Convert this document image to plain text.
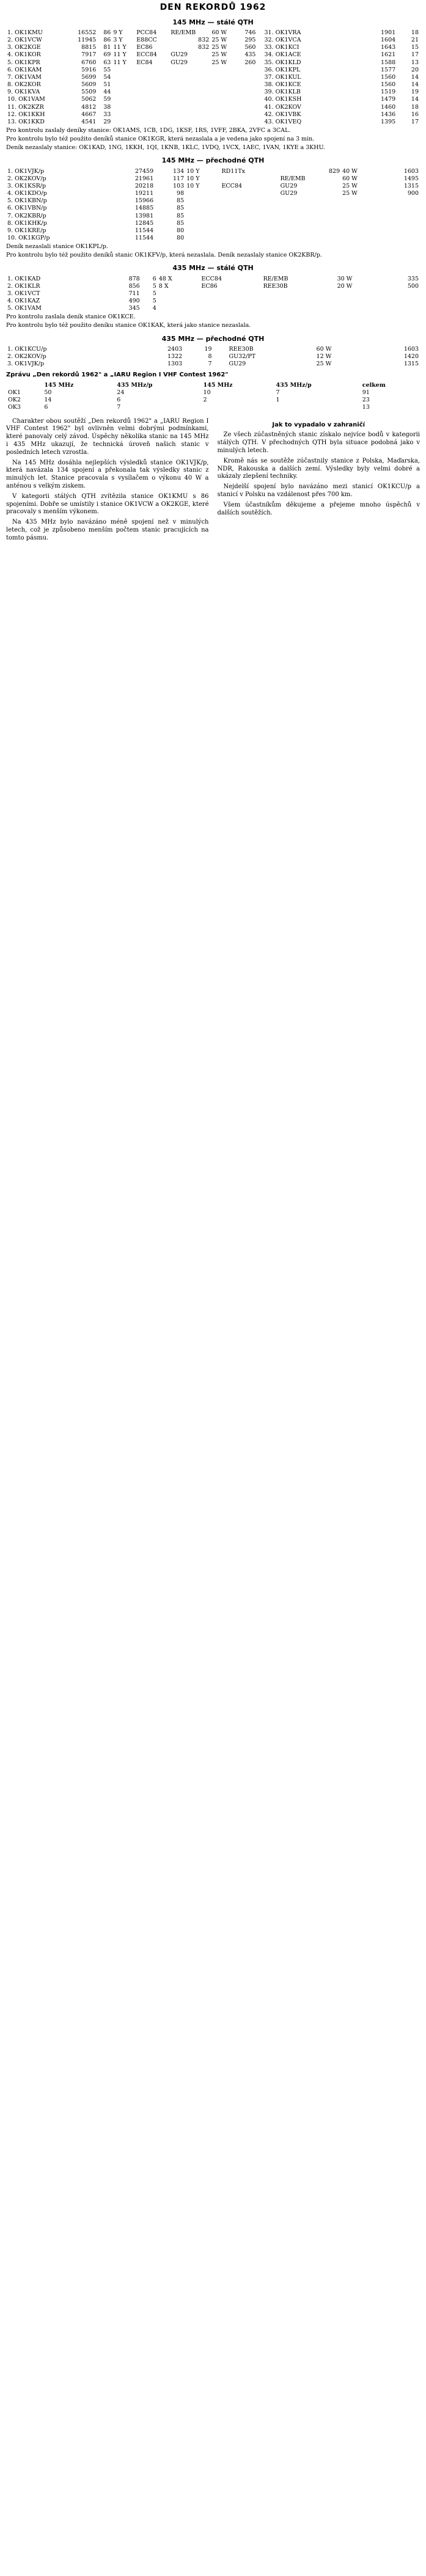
DEN REKORDŮ 1962
145 MHz — stálé QTH
1. OK1KMU	16552	86	9 Y	PCC84	RE/EMB	60 W	746
2. OK1VCW	11945	86	3 Y	E88CC	832	25 W	295
3. OK2KGE	8815	81	11 Y	EC86	832	25 W	560
4. OK1KOR	7917	69	11 Y	ECC84	GU29	25 W	435
5. OK1KPR	6760	63	11 Y	EC84	GU29	25 W	260
6. OK1KAM	5916	55					
7. OK1VAM	5699	54					
8. OK2KOR	5609	51					
9. OK1KVA	5509	44					
10. OK1VAM	5062	59					
11. OK2KZR	4812	38					
12. OK1KKH	4667	33					
13. OK1KKD	4541	29					
31. OK1VRA	1901	18
32. OK1VCA	1604	21
33. OK1KCI	1643	15
34. OK1ACE	1621	17
35. OK1KLD	1588	13
36. OK1KPL	1577	20
37. OK1KUL	1560	14
38. OK1KCE	1560	14
39. OK1KLB	1519	19
40. OK1KSH	1479	14
41. OK2KOV	1460	18
42. OK1VBK	1436	16
43. OK1VEQ	1395	17

Pro kontrolu zaslaly deníky stanice: OK1AMS, 1CB, 1DG, 1KSF, 1RS, 1VFF, 2BKA, 2VFC a 3CAL.

Pro kontrolu bylo též použito deníků stanice OK1KGR, která nezaslala a je vedena jako spojení na 3 min.

Deník nezaslaly stanice: OK1KAD, 1NG, 1KKH, 1QI, 1KNB, 1KLC, 1VDQ, 1VCX, 1AEC, 1VAN, 1KYE a 3KHU.

145 MHz — přechodné QTH
1. OK1VJK/p	27459	134	10 Y	RD11Tx	829	40 W	1603
2. OK2KOV/p	21961	117	10 Y		RE/EMB	60 W	1495
3. OK1KSR/p	20218	103	10 Y	ECC84	GU29	25 W	1315
4. OK1KDO/p	19211	98			GU29	25 W	900
5. OK1KBN/p	15966	85					
6. OK1VBN/p	14885	85					
7. OK2KBR/p	13981	85					
8. OK1KHK/p	12845	85					
9. OK1KRE/p	11544	80					
10. OK1KGP/p	11544	80					

Deník nezaslali stanice OK1KPL/p.

Pro kontrolu bylo též použito deníků stanic OK1KFV/p, která nezaslala. Deník nezaslaly stanice OK2KBR/p.

435 MHz — stálé QTH
1. OK1KAD	878	6	48 X	ECC84	RE/EMB	30 W	335
2. OK1KLR	856	5	8 X	EC86	REE30B	20 W	500
3. OK1VCT	711	5					
4. OK1KAZ	490	5					
5. OK1VAM	345	4					

Pro kontrolu zaslala deník stanice OK1KCE.

Pro kontrolu bylo též použito deníku stanice OK1KAK, která jako stanice nezaslala.

435 MHz — přechodné QTH
1. OK1KCU/p	2403	19			REE30B	60 W	1603
2. OK2KOV/p	1322	8			GU32/PT	12 W	1420
3. OK1VJK/p	1303	7			GU29	25 W	1315
Zprávu „Den rekordů 1962" a „IARU Region I VHF Contest 1962"
	145 MHz	435 MHz/p	145 MHz	435 MHz/p	celkem
OK1	50	24	10	7	91
OK2	14	6	2	1	23
OK3	6	7			13

Charakter obou soutěží „Den rekordů 1962" a „IARU Region I VHF Contest 1962" byl ovlivněn velmi dobrými podmínkami, které panovaly celý závod. Úspěchy několika stanic na 145 MHz i 435 MHz ukazují, že technická úroveň našich stanic v posledních letech vzrostla.

Na 145 MHz dosáhla nejlepších výsledků stanice OK1VJK/p, která navázala 134 spojení a překonala tak výsledky stanic z minulých let. Stanice pracovala s vysílačem o výkonu 40 W a anténou s velkým ziskem.

V kategorii stálých QTH zvítězila stanice OK1KMU s 86 spojeními. Dobře se umístily i stanice OK1VCW a OK2KGE, které pracovaly s menším výkonem.

Na 435 MHz bylo navázáno méně spojení než v minulých letech, což je způsobeno menším počtem stanic pracujících na tomto pásmu.

Jak to vypadalo v zahraničí

Ze všech zúčastněných stanic získalo nejvíce bodů v kategorii stálých QTH. V přechodných QTH byla situace podobná jako v minulých letech.

Kromě nás se soutěže zúčastnily stanice z Polska, Maďarska, NDR, Rakouska a dalších zemí. Výsledky byly velmi dobré a ukázaly zlepšení techniky.

Nejdelší spojení bylo navázáno mezi stanicí OK1KCU/p a stanicí v Polsku na vzdálenost přes 700 km.

Všem účastníkům děkujeme a přejeme mnoho úspěchů v dalších soutěžích.
